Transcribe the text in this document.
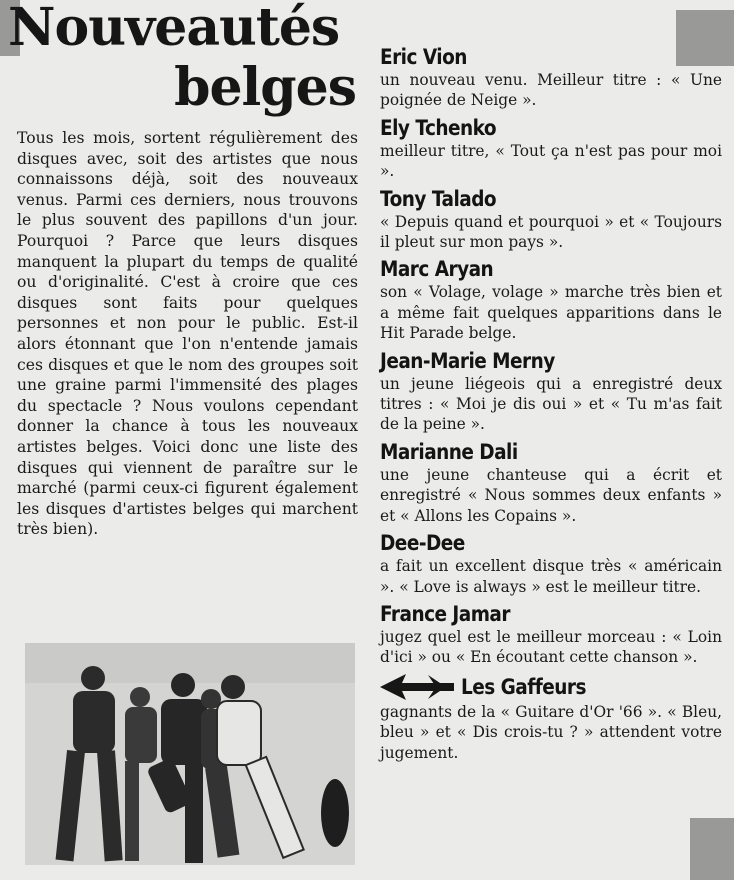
Nouveautés
belges

Tous les mois, sortent régulièrement des disques avec, soit des artistes que nous connaissons déjà, soit des nouveaux venus. Parmi ces derniers, nous trouvons le plus souvent des papillons d'un jour. Pourquoi ? Parce que leurs disques manquent la plupart du temps de qualité ou d'originalité. C'est à croire que ces disques sont faits pour quelques personnes et non pour le public. Est-il alors étonnant que l'on n'entende jamais ces disques et que le nom des groupes soit une graine parmi l'immensité des plages du spectacle ? Nous voulons cependant donner la chance à tous les nouveaux artistes belges. Voici donc une liste des disques qui viennent de paraître sur le marché (parmi ceux-ci figurent également les disques d'artistes belges qui marchent très bien).

Eric Vion

un nouveau venu. Meilleur titre : « Une poignée de Neige ».

Ely Tchenko

meilleur titre, « Tout ça n'est pas pour moi ».

Tony Talado

« Depuis quand et pourquoi » et « Toujours il pleut sur mon pays ».

Marc Aryan

son « Volage, volage » marche très bien et a même fait quelques apparitions dans le Hit Parade belge.

Jean-Marie Merny

un jeune liégeois qui a enregistré deux titres : « Moi je dis oui » et « Tu m'as fait de la peine ».

Marianne Dali

une jeune chanteuse qui a écrit et enregistré « Nous sommes deux enfants » et « Allons les Copains ».

Dee-Dee

a fait un excellent disque très « américain ». « Love is always » est le meilleur titre.

France Jamar

jugez quel est le meilleur morceau : « Loin d'ici » ou « En écoutant cette chanson ».

Les Gaffeurs

gagnants de la « Guitare d'Or '66 ». « Bleu, bleu » et « Dis crois-tu ? » attendent votre jugement.
